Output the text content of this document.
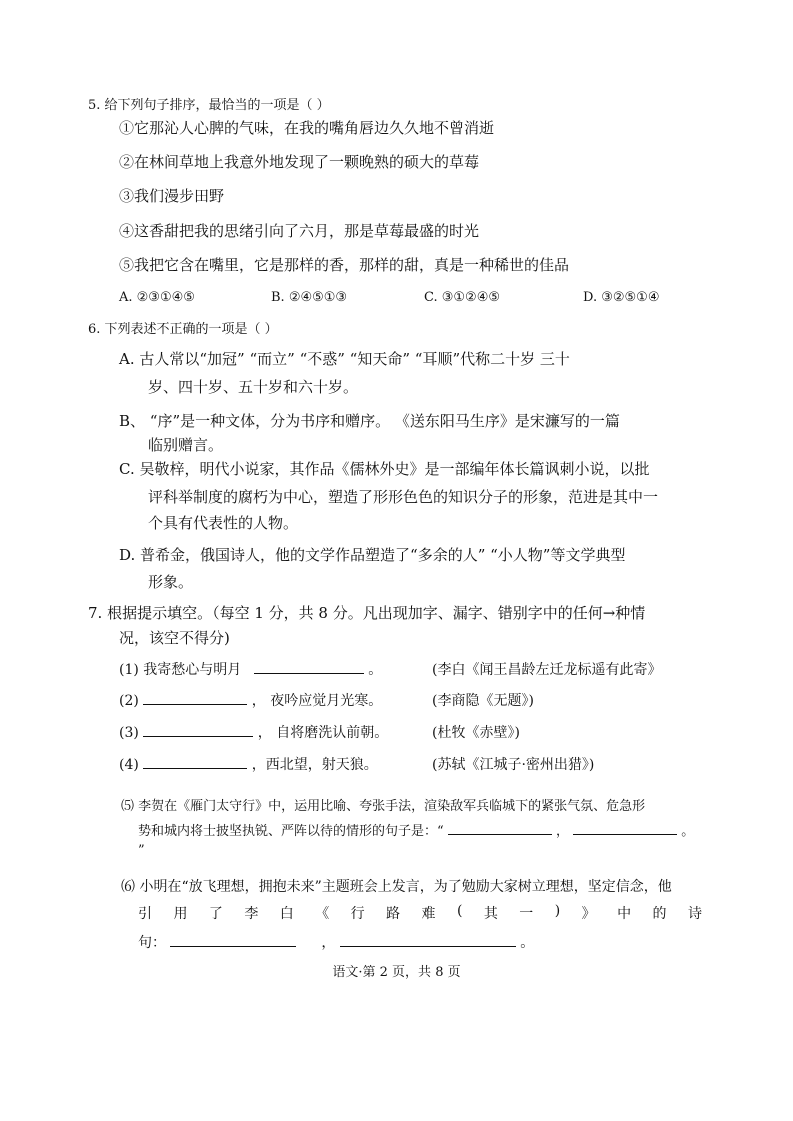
5. 给下列句子排序，最恰当的一项是（ ）
①它那沁人心脾的气味，在我的嘴角唇边久久地不曾消逝
②在林间草地上我意外地发现了一颗晚熟的硕大的草莓
③我们漫步田野
④这香甜把我的思绪引向了六月，那是草莓最盛的时光
⑤我把它含在嘴里，它是那样的香，那样的甜，真是一种稀世的佳品
A. ②③①④⑤	B. ②④⑤①③	C. ③①②④⑤	D. ③②⑤①④
6. 下列表述不正确的一项是（ ）
A. 古人常以“加冠” “而立” “不惑” “知天命” “耳顺”代称二十岁 三十
岁、四十岁、五十岁和六十岁。
B、 “序”是一种文体，分为书序和赠序。 《送东阳马生序》是宋濂写的一篇
临别赠言。
C. 吴敬梓，明代小说家，其作品《儒林外史》是一部编年体长篇讽刺小说，以批
评科举制度的腐朽为中心，塑造了形形色色的知识分子的形象，范进是其中一
个具有代表性的人物。
D. 普希金，俄国诗人，他的文学作品塑造了“多余的人” “小人物”等文学典型
形象。
7. 根据提示填空。（每空 1 分，共 8 分。凡出现加字、漏字、错别字中的任何→种情
况，该空不得分)
(1) 我寄愁心与明月	。	(李白《闻王昌龄左迁龙标遥有此寄》
(2)	， 夜吟应觉月光寒。	(李商隐《无题》)
(3)	， 自将磨洗认前朝。	(杜牧《赤壁》)
(4)	，西北望，射天狼。	(苏轼《江城子·密州出猎》)
⑸ 李贺在《雁门太守行》中，运用比喻、夸张手法，渲染敌军兵临城下的紧张气氛、危急形
势和城内将士披坚执锐、严阵以待的情形的句子是：“	，	。
”
⑹ 小明在“放飞理想，拥抱未来”主题班会上发言，为了勉励大家树立理想，坚定信念，他
引 用 了 李 白 《 行 路 难 ( 其 一 ) 》 中 的 诗
句：	，	。
语文·第 2 页，共 8 页
